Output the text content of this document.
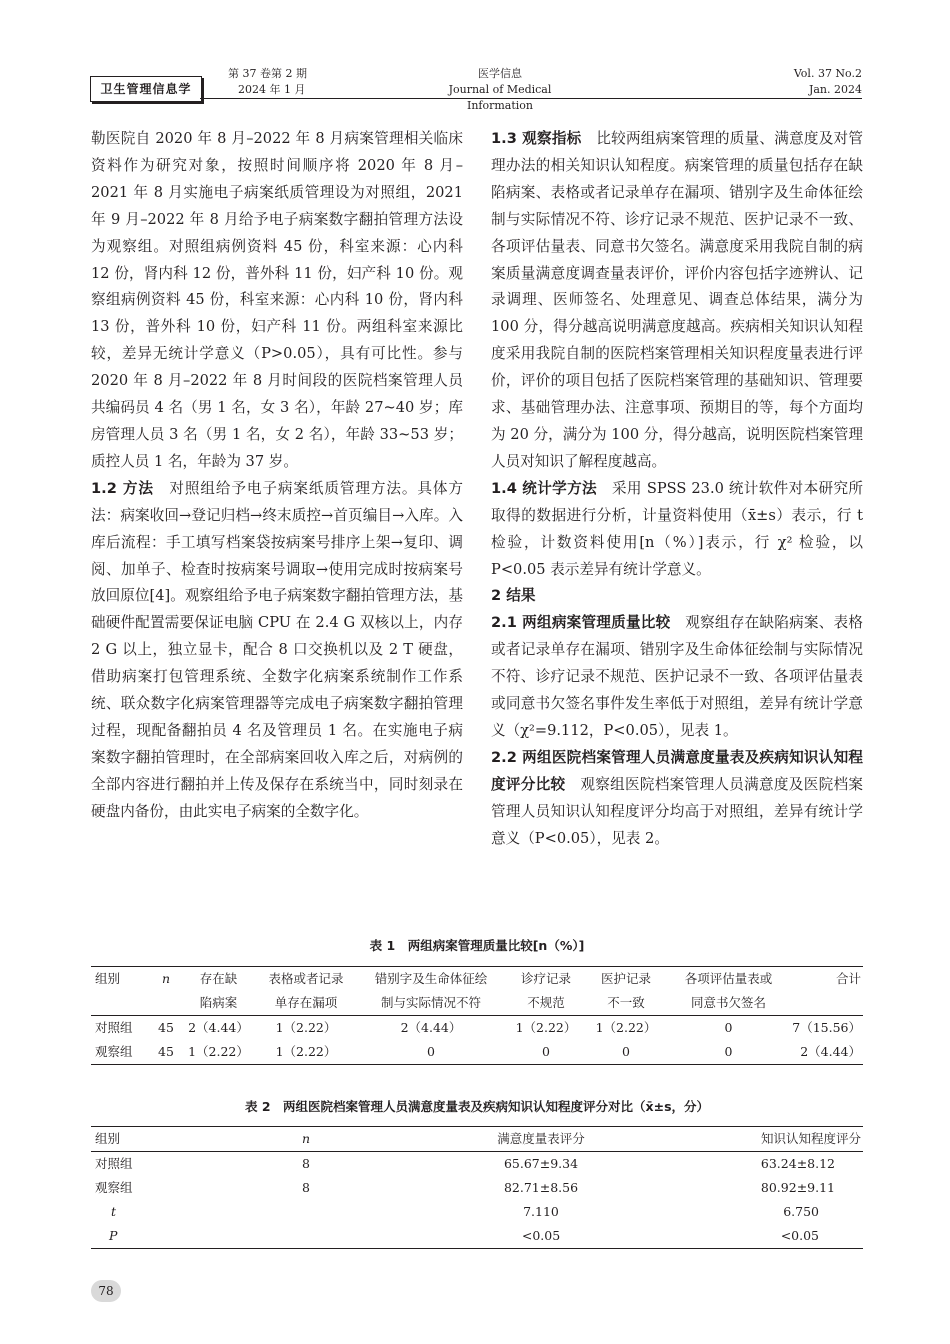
卫生管理信息学
第 37 卷第 2 期
2024 年 1 月
医学信息
Journal of Medical Information
Vol. 37 No.2
Jan. 2024

勒医院自 2020 年 8 月–2022 年 8 月病案管理相关临床资料作为研究对象，按照时间顺序将 2020 年 8 月–2021 年 8 月实施电子病案纸质管理设为对照组，2021 年 9 月–2022 年 8 月给予电子病案数字翻拍管理方法设为观察组。对照组病例资料 45 份，科室来源：心内科 12 份，肾内科 12 份，普外科 11 份，妇产科 10 份。观察组病例资料 45 份，科室来源：心内科 10 份，肾内科 13 份，普外科 10 份，妇产科 11 份。两组科室来源比较，差异无统计学意义（P>0.05），具有可比性。参与 2020 年 8 月–2022 年 8 月时间段的医院档案管理人员共编码员 4 名（男 1 名，女 3 名），年龄 27~40 岁；库房管理人员 3 名（男 1 名，女 2 名），年龄 33~53 岁；质控人员 1 名，年龄为 37 岁。

1.2 方法　 对照组给予电子病案纸质管理方法。具体方法：病案收回→登记归档→终末质控→首页编目→入库。入库后流程：手工填写档案袋按病案号排序上架→复印、调阅、加单子、检查时按病案号调取→使用完成时按病案号放回原位[4]。观察组给予电子病案数字翻拍管理方法，基础硬件配置需要保证电脑 CPU 在 2.4 G 双核以上，内存 2 G 以上，独立显卡，配合 8 口交换机以及 2 T 硬盘，借助病案打包管理系统、全数字化病案系统制作工作系统、联众数字化病案管理器等完成电子病案数字翻拍管理过程，现配备翻拍员 4 名及管理员 1 名。在实施电子病案数字翻拍管理时，在全部病案回收入库之后，对病例的全部内容进行翻拍并上传及保存在系统当中，同时刻录在硬盘内备份，由此实电子病案的全数字化。

1.3 观察指标　 比较两组病案管理的质量、满意度及对管理办法的相关知识认知程度。病案管理的质量包括存在缺陷病案、表格或者记录单存在漏项、错别字及生命体征绘制与实际情况不符、诊疗记录不规范、医护记录不一致、各项评估量表、同意书欠签名。满意度采用我院自制的病案质量满意度调查量表评价，评价内容包括字迹辨认、记录调理、医师签名、处理意见、调查总体结果，满分为 100 分，得分越高说明满意度越高。疾病相关知识认知程度采用我院自制的医院档案管理相关知识程度量表进行评价，评价的项目包括了医院档案管理的基础知识、管理要求、基础管理办法、注意事项、预期目的等，每个方面均为 20 分，满分为 100 分，得分越高，说明医院档案管理人员对知识了解程度越高。

1.4 统计学方法　 采用 SPSS 23.0 统计软件对本研究所取得的数据进行分析，计量资料使用（x̄±s）表示，行 t 检验，计数资料使用[n（%）]表示，行 χ² 检验，以 P<0.05 表示差异有统计学意义。

2 结果

2.1 两组病案管理质量比较　 观察组存在缺陷病案、表格或者记录单存在漏项、错别字及生命体征绘制与实际情况不符、诊疗记录不规范、医护记录不一致、各项评估量表或同意书欠签名事件发生率低于对照组，差异有统计学意义（χ²=9.112，P<0.05），见表 1。

2.2 两组医院档案管理人员满意度量表及疾病知识认知程度评分比较　 观察组医院档案管理人员满意度及医院档案管理人员知识认知程度评分均高于对照组，差异有统计学意义（P<0.05），见表 2。

表 1　两组病案管理质量比较[n（%）]
组别	n	存在缺	表格或者记录	错别字及生命体征绘	诊疗记录	医护记录	各项评估量表或	合计
		陷病案	单存在漏项	制与实际情况不符	不规范	不一致	同意书欠签名	
对照组	45	2（4.44）	1（2.22）	2（4.44）	1（2.22）	1（2.22）	0	7（15.56）
观察组	45	1（2.22）	1（2.22）	0	0	0	0	2（4.44）
表 2　两组医院档案管理人员满意度量表及疾病知识认知程度评分对比（x̄±s，分）
组别	n	满意度量表评分	知识认知程度评分
对照组	8	65.67±9.34	63.24±8.12
观察组	8	82.71±8.56	80.92±9.11
t		7.110	6.750
P		<0.05	<0.05
78
